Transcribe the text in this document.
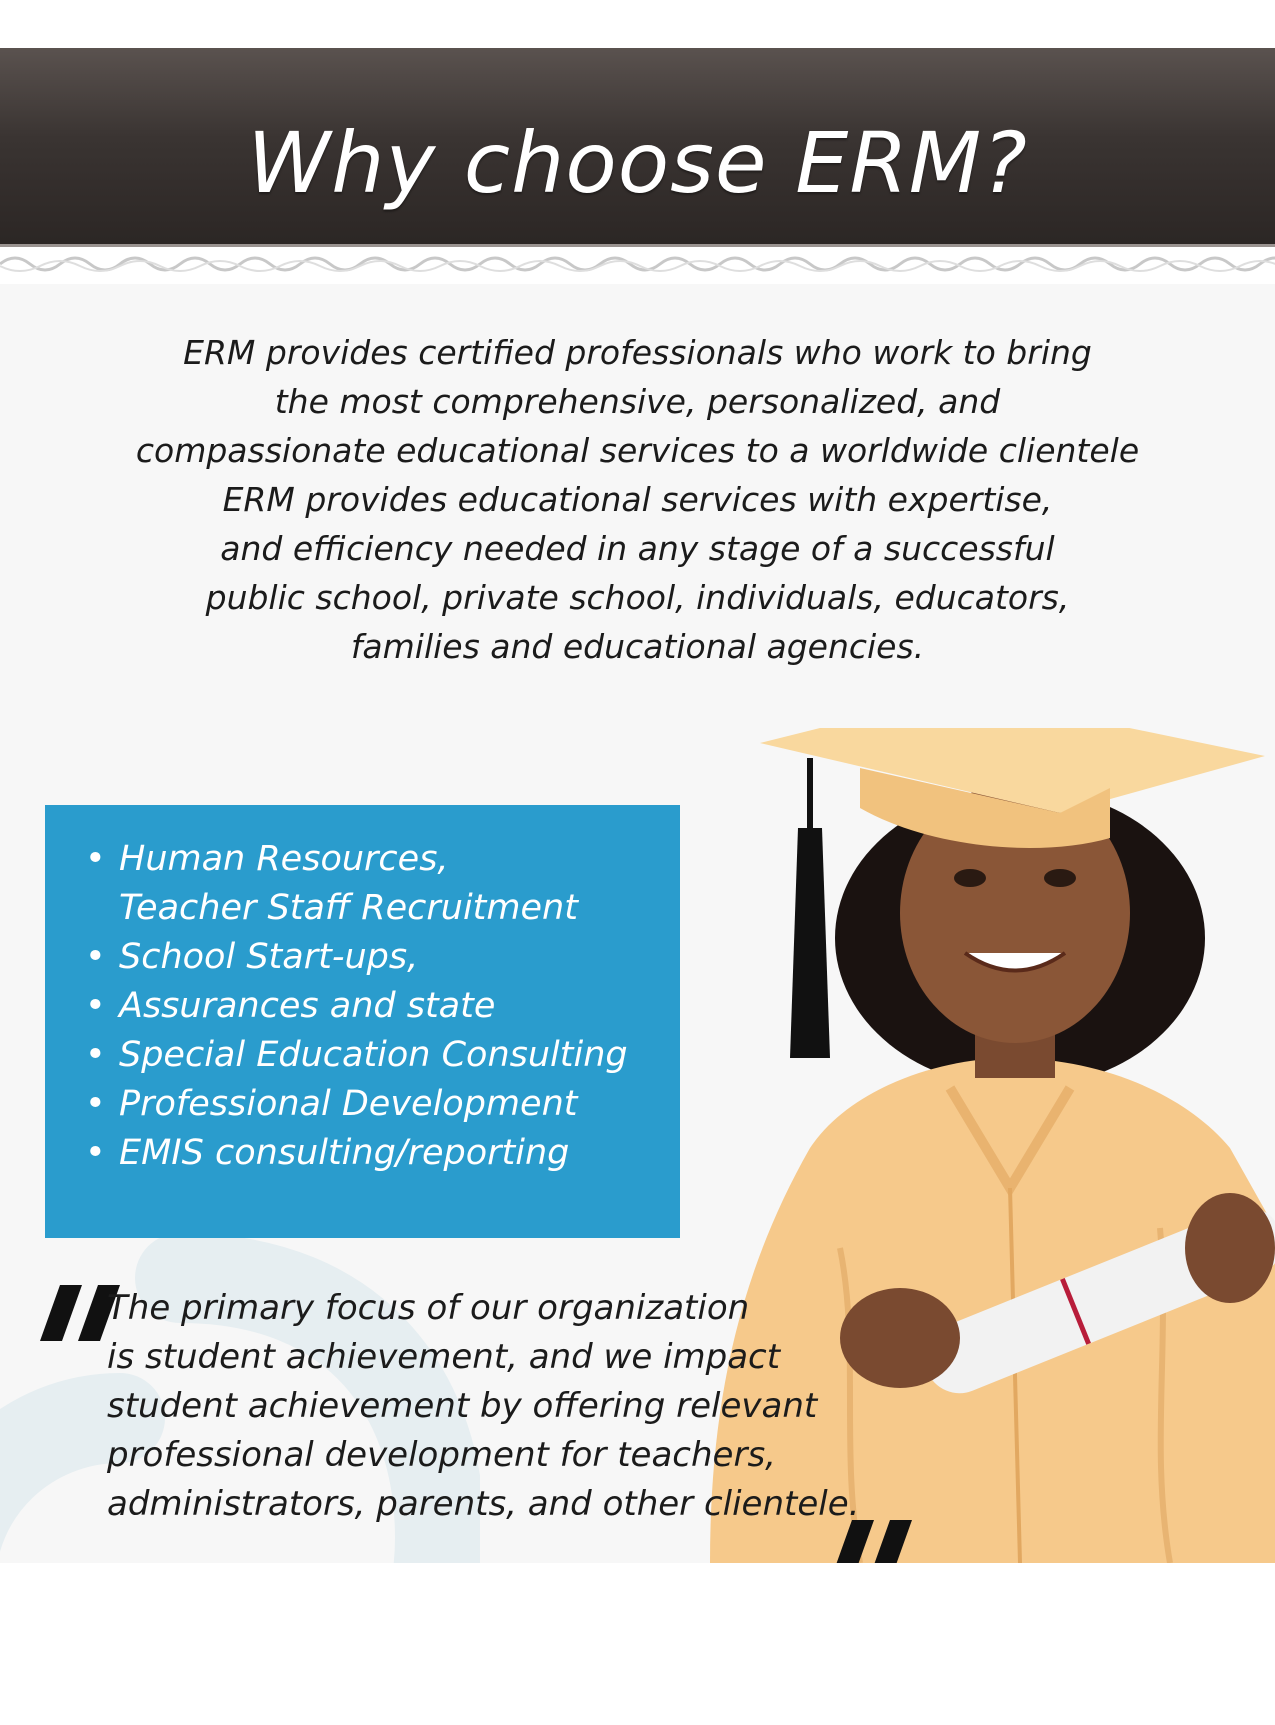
Why choose ERM?
ERM provides certified professionals who work to bring
the most comprehensive, personalized, and
compassionate educational services to a worldwide clientele
ERM provides educational services with expertise,
and efficiency needed in any stage of a successful
public school, private school, individuals, educators,
families and educational agencies.
• Human Resources,
Teacher Staff Recruitment
• School Start-ups,
• Assurances and state
• Special Education Consulting
• Professional Development
• EMIS consulting/reporting
The primary focus of our organization
is student achievement, and we impact
student achievement by offering relevant
professional development for teachers,
administrators, parents, and other clientele.
